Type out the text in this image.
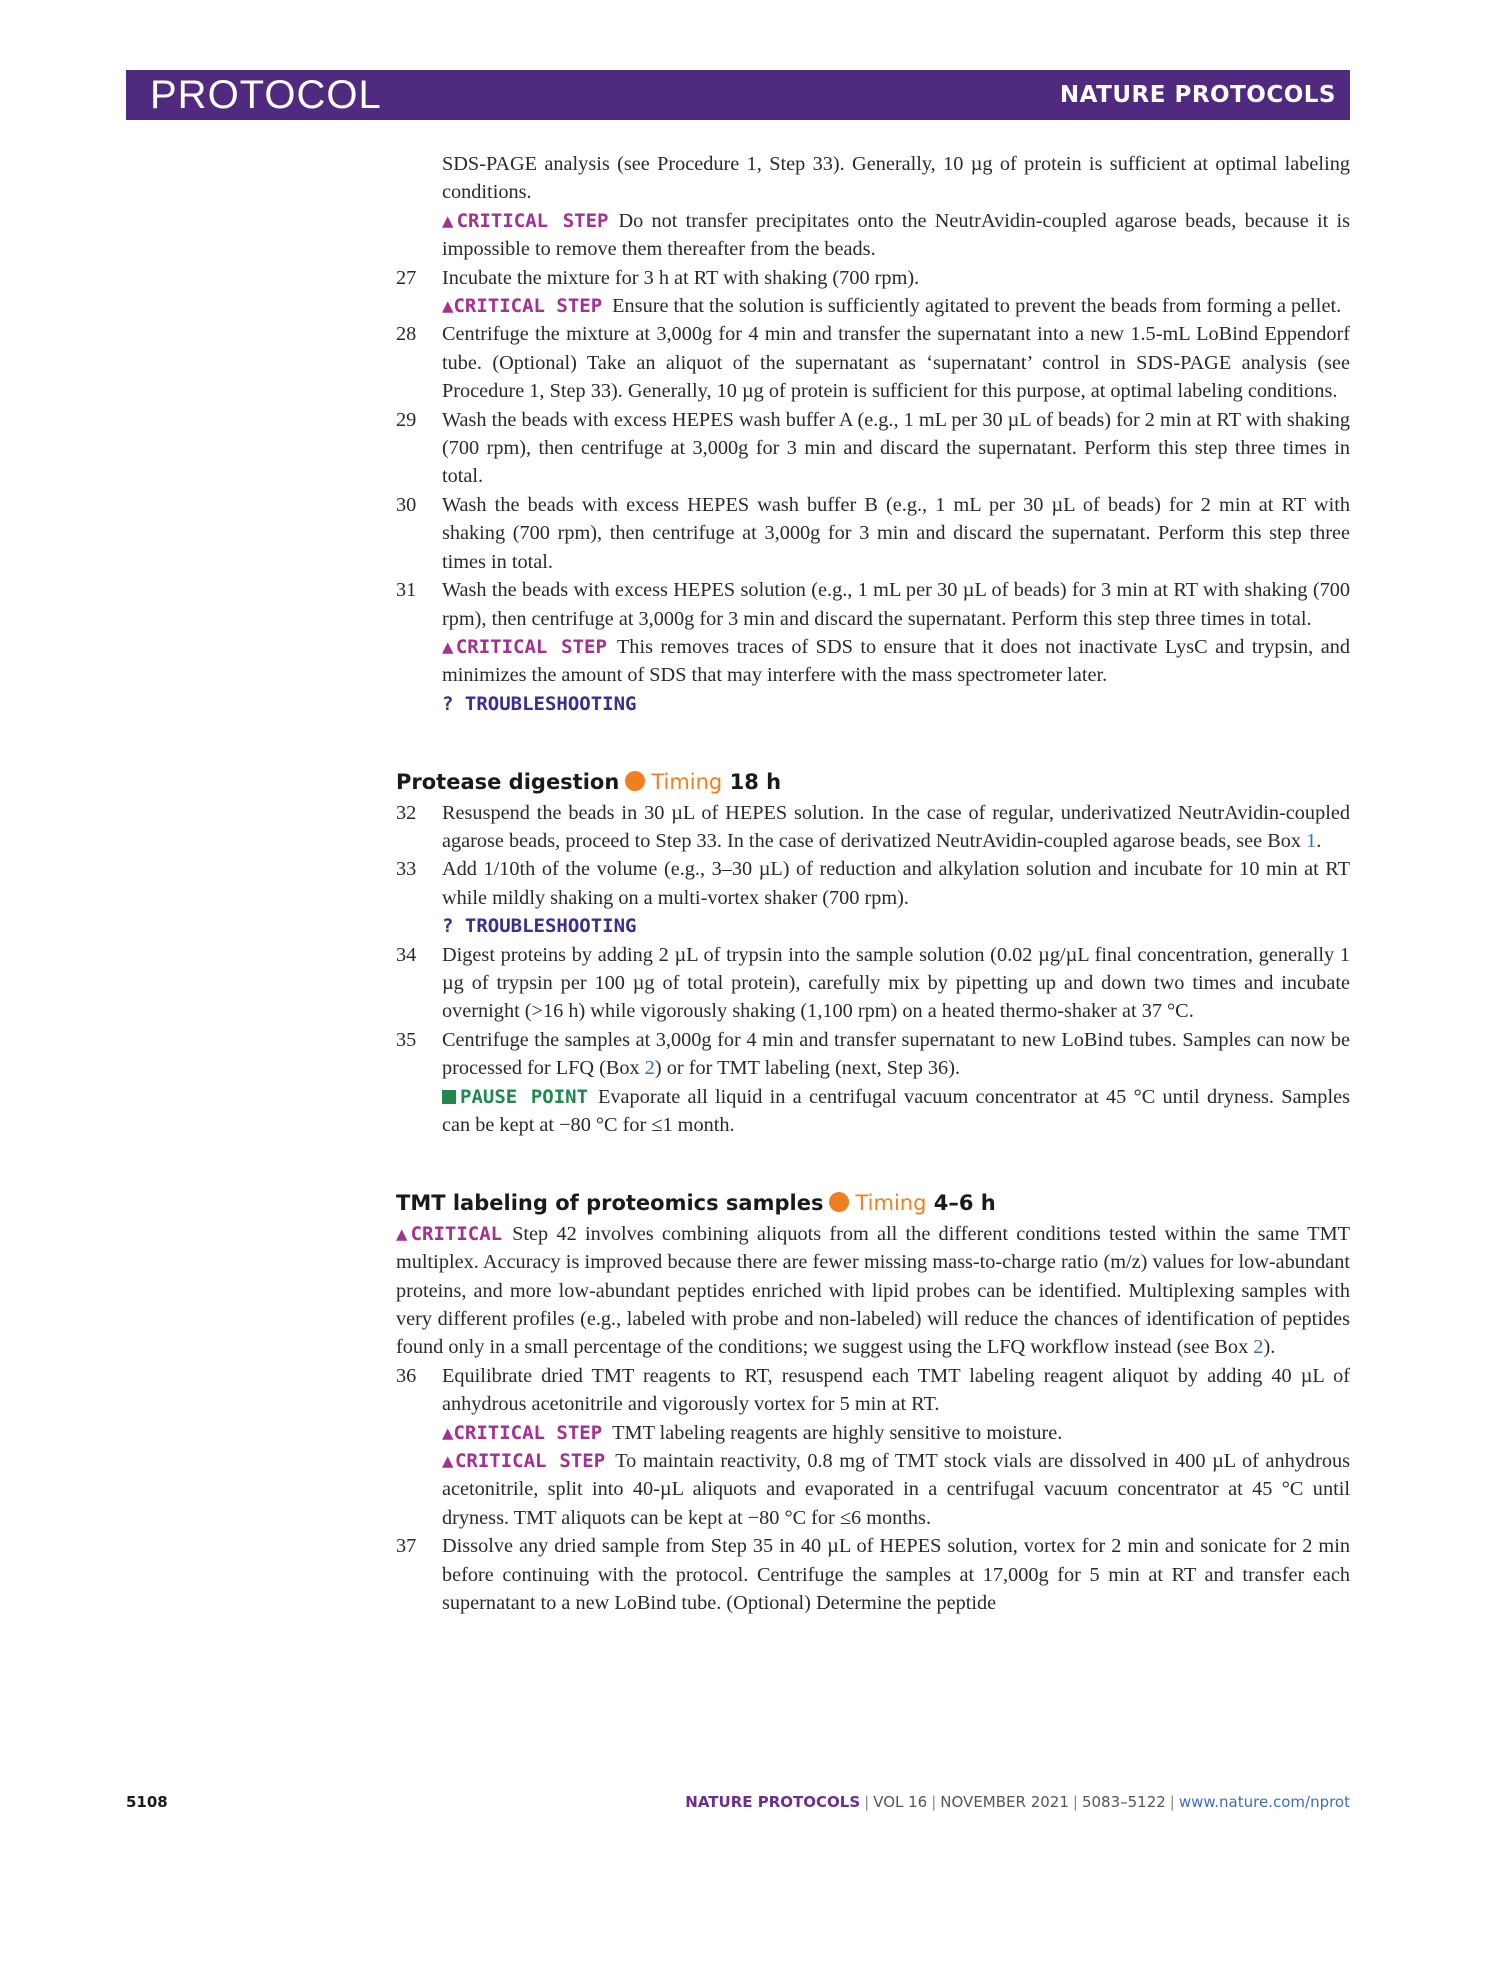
PROTOCOL	NATURE PROTOCOLS

SDS-PAGE analysis (see Procedure 1, Step 33). Generally, 10 µg of protein is sufficient at optimal labeling conditions.

▲CRITICAL STEP Do not transfer precipitates onto the NeutrAvidin-coupled agarose beads, because it is impossible to remove them thereafter from the beads.

27	Incubate the mixture for 3 h at RT with shaking (700 rpm).

▲CRITICAL STEP Ensure that the solution is sufficiently agitated to prevent the beads from forming a pellet.

28	Centrifuge the mixture at 3,000g for 4 min and transfer the supernatant into a new 1.5-mL LoBind Eppendorf tube. (Optional) Take an aliquot of the supernatant as ‘supernatant’ control in SDS-PAGE analysis (see Procedure 1, Step 33). Generally, 10 µg of protein is sufficient for this purpose, at optimal labeling conditions.

29	Wash the beads with excess HEPES wash buffer A (e.g., 1 mL per 30 µL of beads) for 2 min at RT with shaking (700 rpm), then centrifuge at 3,000g for 3 min and discard the supernatant. Perform this step three times in total.

30	Wash the beads with excess HEPES wash buffer B (e.g., 1 mL per 30 µL of beads) for 2 min at RT with shaking (700 rpm), then centrifuge at 3,000g for 3 min and discard the supernatant. Perform this step three times in total.

31	Wash the beads with excess HEPES solution (e.g., 1 mL per 30 µL of beads) for 3 min at RT with shaking (700 rpm), then centrifuge at 3,000g for 3 min and discard the supernatant. Perform this step three times in total.

▲CRITICAL STEP This removes traces of SDS to ensure that it does not inactivate LysC and trypsin, and minimizes the amount of SDS that may interfere with the mass spectrometer later.

? TROUBLESHOOTING

Protease digestion Timing 18 h
32	Resuspend the beads in 30 µL of HEPES solution. In the case of regular, underivatized NeutrAvidin-coupled agarose beads, proceed to Step 33. In the case of derivatized NeutrAvidin-coupled agarose beads, see Box 1.

33	Add 1/10th of the volume (e.g., 3–30 µL) of reduction and alkylation solution and incubate for 10 min at RT while mildly shaking on a multi-vortex shaker (700 rpm).

? TROUBLESHOOTING

34	Digest proteins by adding 2 µL of trypsin into the sample solution (0.02 µg/µL final concentration, generally 1 µg of trypsin per 100 µg of total protein), carefully mix by pipetting up and down two times and incubate overnight (>16 h) while vigorously shaking (1,100 rpm) on a heated thermo-shaker at 37 °C.

35	Centrifuge the samples at 3,000g for 4 min and transfer supernatant to new LoBind tubes. Samples can now be processed for LFQ (Box 2) or for TMT labeling (next, Step 36).

PAUSE POINT Evaporate all liquid in a centrifugal vacuum concentrator at 45 °C until dryness. Samples can be kept at −80 °C for ≤1 month.

TMT labeling of proteomics samples Timing 4–6 h

▲CRITICAL Step 42 involves combining aliquots from all the different conditions tested within the same TMT multiplex. Accuracy is improved because there are fewer missing mass-to-charge ratio (m/z) values for low-abundant proteins, and more low-abundant peptides enriched with lipid probes can be identified. Multiplexing samples with very different profiles (e.g., labeled with probe and non-labeled) will reduce the chances of identification of peptides found only in a small percentage of the conditions; we suggest using the LFQ workflow instead (see Box 2).

36	Equilibrate dried TMT reagents to RT, resuspend each TMT labeling reagent aliquot by adding 40 µL of anhydrous acetonitrile and vigorously vortex for 5 min at RT.

▲CRITICAL STEP TMT labeling reagents are highly sensitive to moisture.

▲CRITICAL STEP To maintain reactivity, 0.8 mg of TMT stock vials are dissolved in 400 µL of anhydrous acetonitrile, split into 40-µL aliquots and evaporated in a centrifugal vacuum concentrator at 45 °C until dryness. TMT aliquots can be kept at −80 °C for ≤6 months.

37	Dissolve any dried sample from Step 35 in 40 µL of HEPES solution, vortex for 2 min and sonicate for 2 min before continuing with the protocol. Centrifuge the samples at 17,000g for 5 min at RT and transfer each supernatant to a new LoBind tube. (Optional) Determine the peptide

5108	NATURE PROTOCOLS | VOL 16 | NOVEMBER 2021 | 5083–5122 | www.nature.com/nprot
